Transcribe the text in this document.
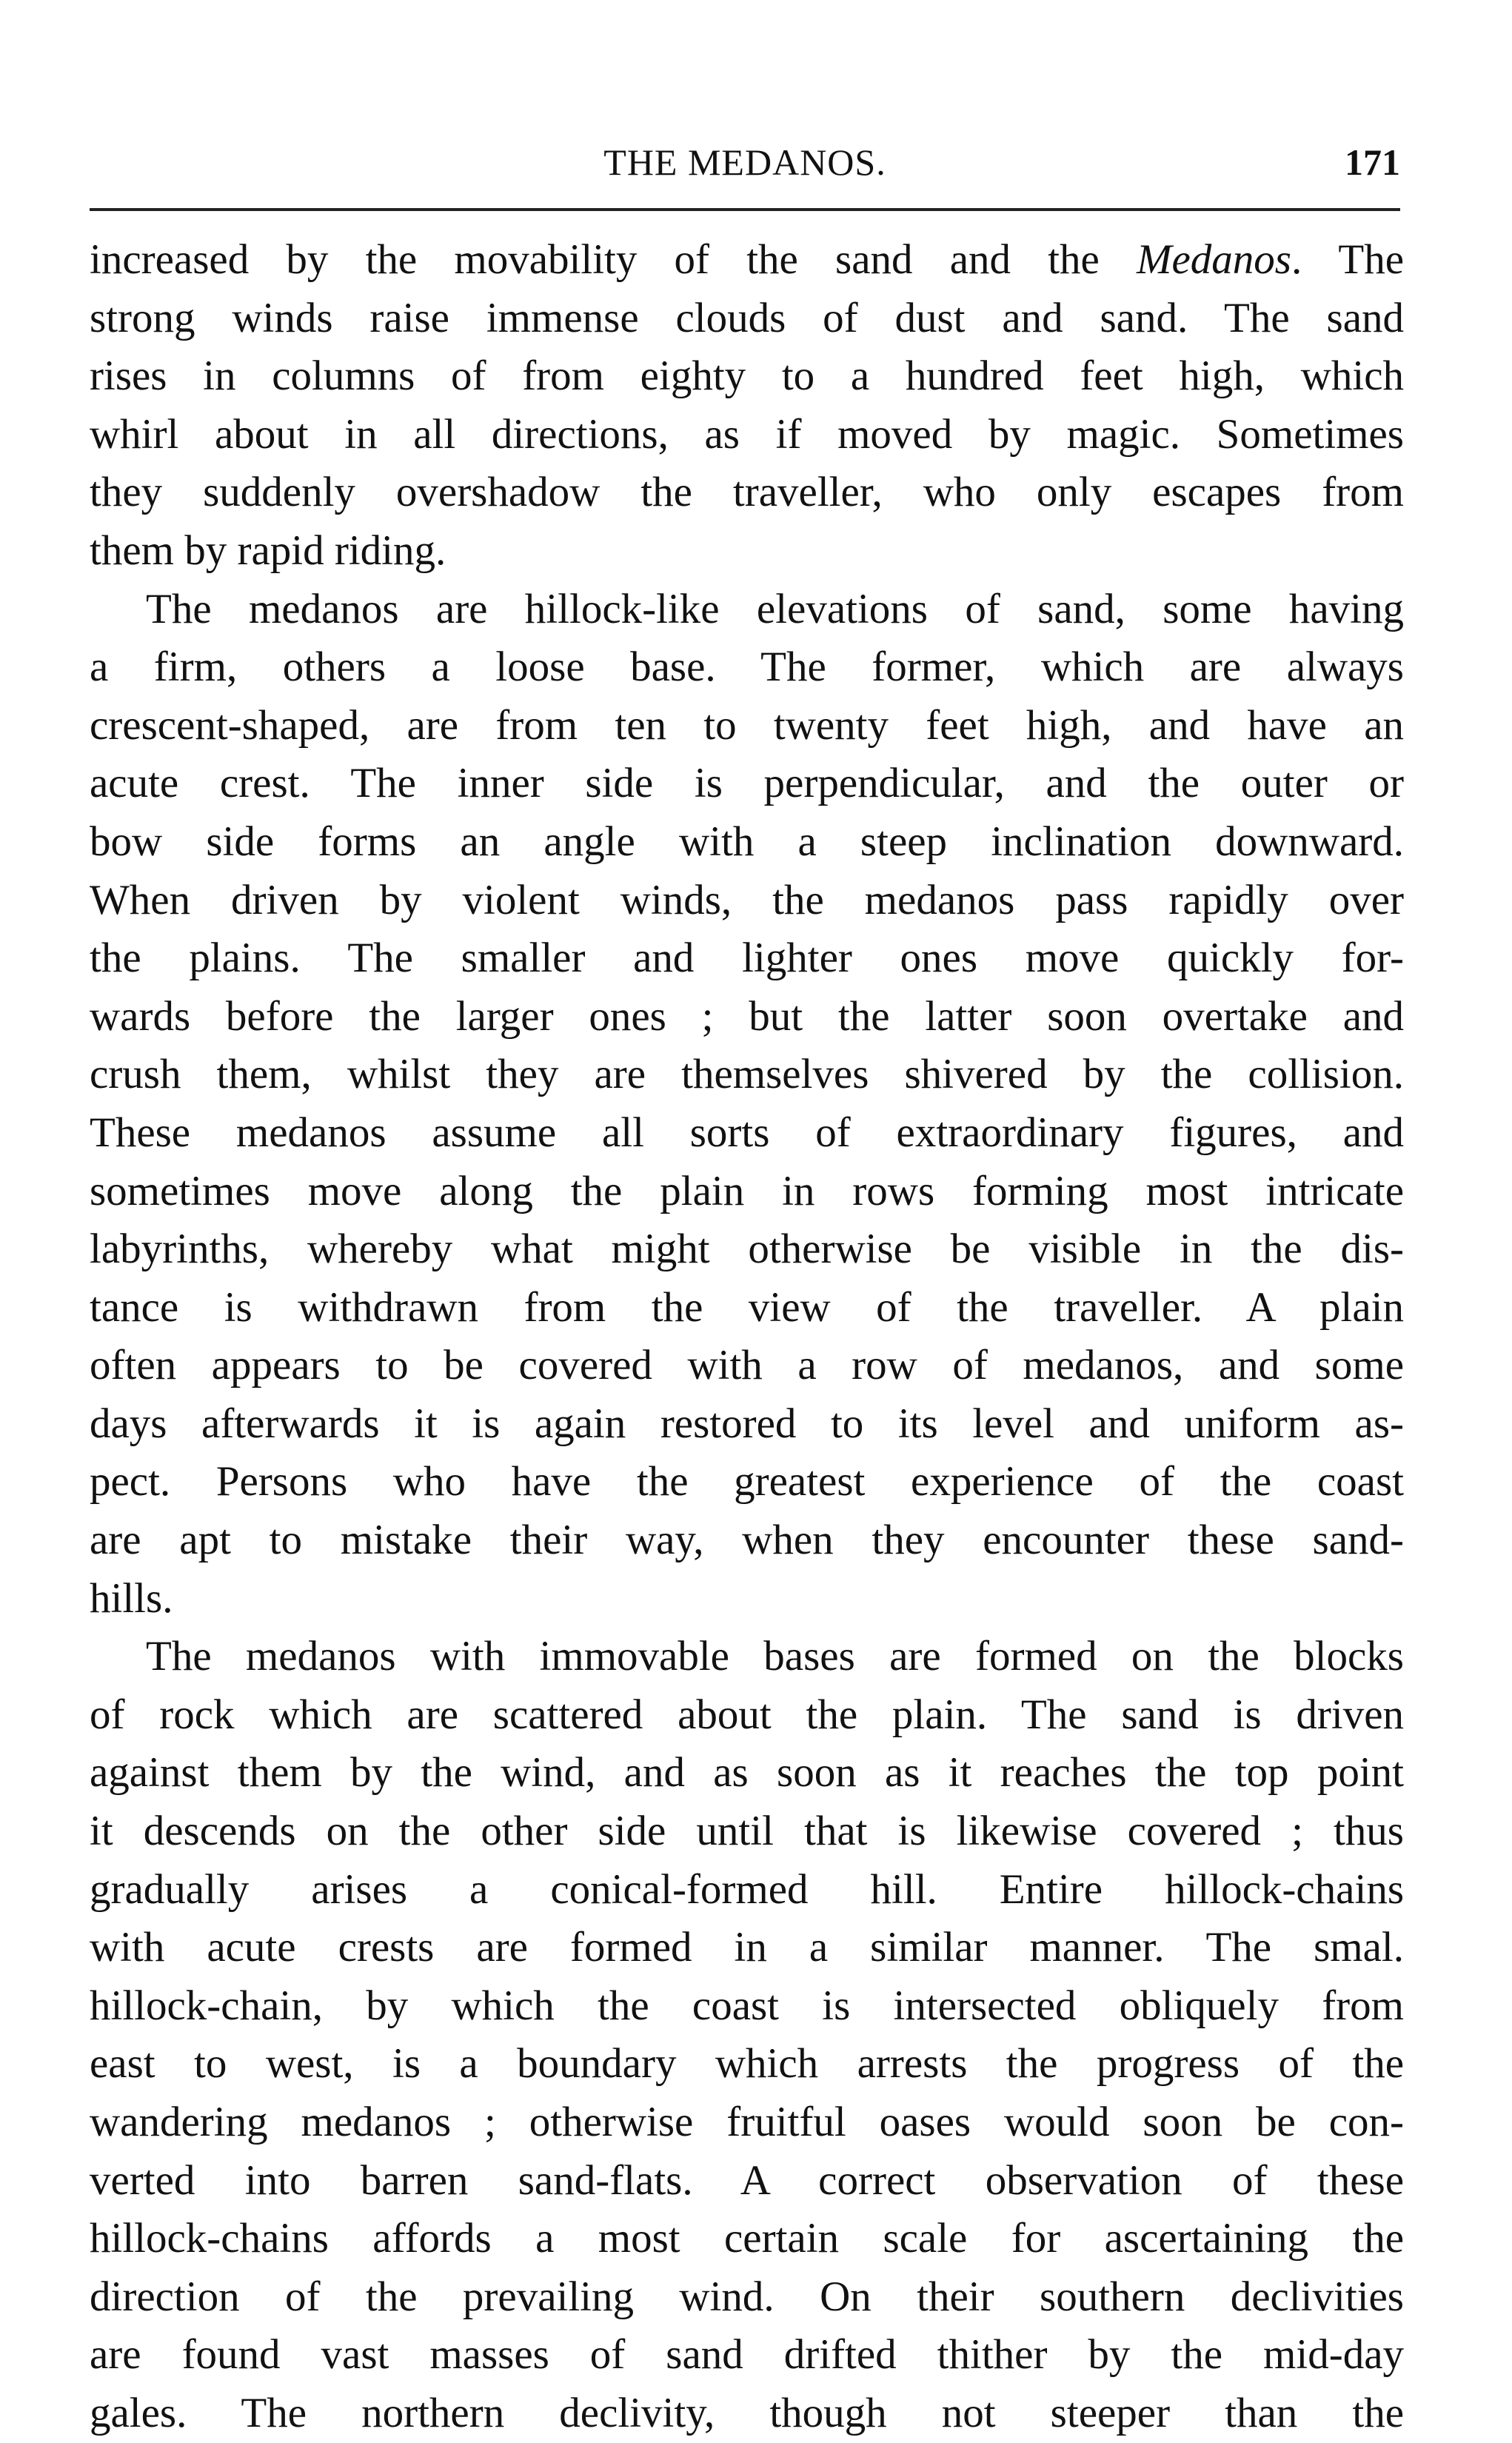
THE MEDANOS.	171
increased by the movability of the sand and the Medanos. The
strong winds raise immense clouds of dust and sand. The sand
rises in columns of from eighty to a hundred feet high, which
whirl about in all directions, as if moved by magic. Sometimes
they suddenly overshadow the traveller, who only escapes from
them by rapid riding.
The medanos are hillock-like elevations of sand, some having
a firm, others a loose base. The former, which are always
crescent-shaped, are from ten to twenty feet high, and have an
acute crest. The inner side is perpendicular, and the outer or
bow side forms an angle with a steep inclination downward.
When driven by violent winds, the medanos pass rapidly over
the plains. The smaller and lighter ones move quickly for-
wards before the larger ones ; but the latter soon overtake and
crush them, whilst they are themselves shivered by the collision.
These medanos assume all sorts of extraordinary figures, and
sometimes move along the plain in rows forming most intricate
labyrinths, whereby what might otherwise be visible in the dis-
tance is withdrawn from the view of the traveller. A plain
often appears to be covered with a row of medanos, and some
days afterwards it is again restored to its level and uniform as-
pect. Persons who have the greatest experience of the coast
are apt to mistake their way, when they encounter these sand-
hills.
The medanos with immovable bases are formed on the blocks
of rock which are scattered about the plain. The sand is driven
against them by the wind, and as soon as it reaches the top point
it descends on the other side until that is likewise covered ; thus
gradually arises a conical-formed hill. Entire hillock-chains
with acute crests are formed in a similar manner. The smal.
hillock-chain, by which the coast is intersected obliquely from
east to west, is a boundary which arrests the progress of the
wandering medanos ; otherwise fruitful oases would soon be con-
verted into barren sand-flats. A correct observation of these
hillock-chains affords a most certain scale for ascertaining the
direction of the prevailing wind. On their southern declivities
are found vast masses of sand drifted thither by the mid-day
gales. The northern declivity, though not steeper than the
